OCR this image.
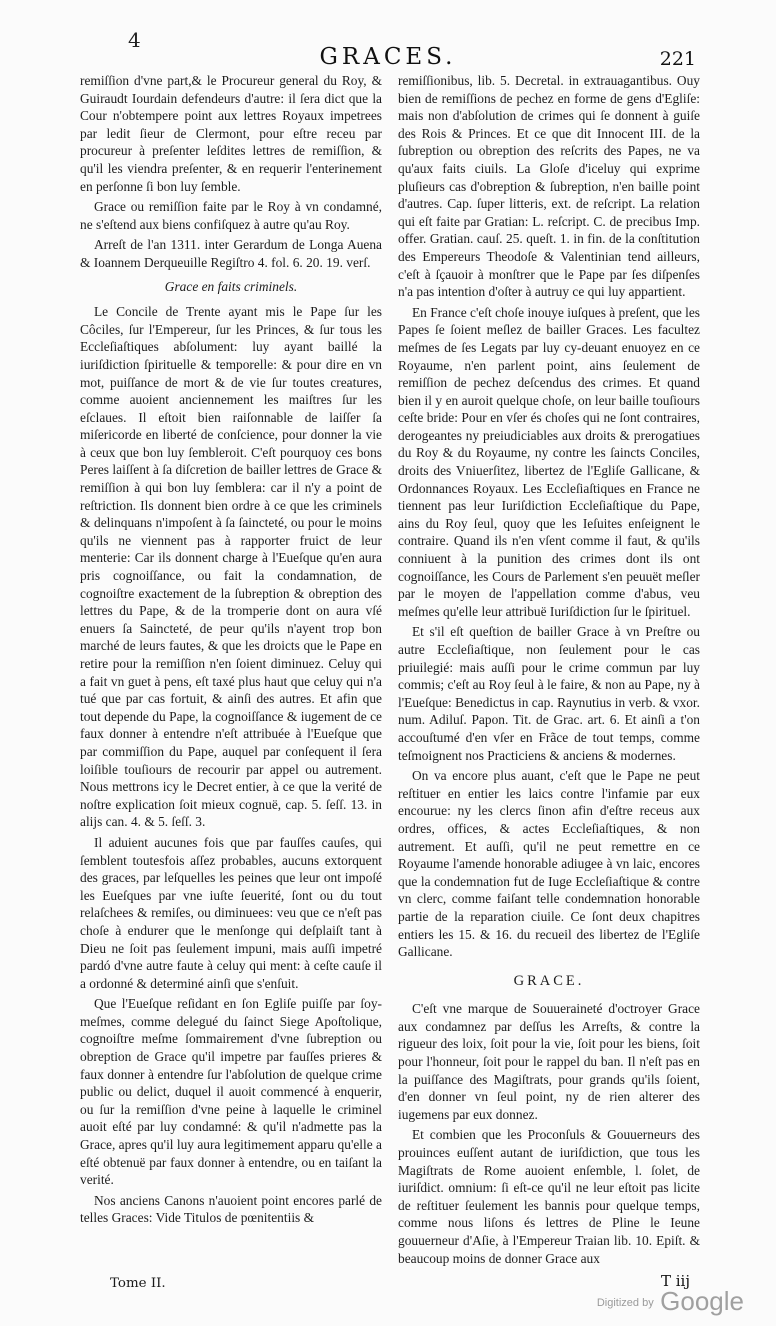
4
GRACES.	221

remiſſion d'vne part,& le Procureur general du Roy, & Guiraudt Iourdain defendeurs d'autre: il ſera dict que la Cour n'obtempere point aux lettres Royaux impetrees par ledit ſieur de Clermont, pour eſtre receu par procureur à preſenter leſdites lettres de remiſſion, & qu'il les viendra preſenter, & en requerir l'enterinement en perſonne ſi bon luy ſemble.

Grace ou remiſſion faite par le Roy à vn condamné, ne s'eſtend aux biens confiſquez à autre qu'au Roy.

Arreſt de l'an 1311. inter Gerardum de Longa Auena & Ioannem Derqueuille Regiſtro 4. fol. 6. 20. 19. verſ.

Grace en faits criminels.

Le Concile de Trente ayant mis le Pape ſur les Côciles, ſur l'Empereur, ſur les Princes, & ſur tous les Eccleſiaſtiques abſolument: luy ayant baillé la iuriſdiction ſpirituelle & temporelle: & pour dire en vn mot, puiſſance de mort & de vie ſur toutes creatures, comme auoient anciennement les maiſtres ſur les eſclaues. Il eſtoit bien raiſonnable de laiſſer ſa miſericorde en liberté de conſcience, pour donner la vie à ceux que bon luy ſembleroit. C'eſt pourquoy ces bons Peres laiſſent à ſa diſcretion de bailler lettres de Grace & remiſſion à qui bon luy ſemblera: car il n'y a point de reſtriction. Ils donnent bien ordre à ce que les criminels & delinquans n'impoſent à ſa ſaincteté, ou pour le moins qu'ils ne viennent pas à rapporter fruict de leur menterie: Car ils donnent charge à l'Eueſque qu'en aura pris cognoiſſance, ou fait la condamnation, de cognoiſtre exactement de la ſubreption & obreption des lettres du Pape, & de la tromperie dont on aura vſé enuers ſa Saincteté, de peur qu'ils n'ayent trop bon marché de leurs fautes, & que les droicts que le Pape en retire pour la remiſſion n'en ſoient diminuez. Celuy qui a fait vn guet à pens, eſt taxé plus haut que celuy qui n'a tué que par cas fortuit, & ainſi des autres. Et afin que tout depende du Pape, la cognoiſſance & iugement de ce faux donner à entendre n'eſt attribuée à l'Eueſque que par commiſſion du Pape, auquel par conſequent il ſera loiſible touſiours de recourir par appel ou autrement. Nous mettrons icy le Decret entier, à ce que la verité de noſtre explication ſoit mieux cognuë, cap. 5. ſeſſ. 13. in alijs can. 4. & 5. ſeſſ. 3.

Il aduient aucunes fois que par fauſſes cauſes, qui ſemblent toutesfois aſſez probables, aucuns extorquent des graces, par leſquelles les peines que leur ont impoſé les Eueſques par vne iuſte ſeuerité, ſont ou du tout relaſchees & remiſes, ou diminuees: veu que ce n'eſt pas choſe à endurer que le menſonge qui deſplaiſt tant à Dieu ne ſoit pas ſeulement impuni, mais auſſi impetré pardó d'vne autre faute à celuy qui ment: à ceſte cauſe il a ordonné & determiné ainſi que s'enſuit.

Que l'Eueſque reſidant en ſon Egliſe puiſſe par ſoy-meſmes, comme delegué du ſainct Siege Apoſtolique, cognoiſtre meſme ſommairement d'vne ſubreption ou obreption de Grace qu'il impetre par fauſſes prieres & faux donner à entendre ſur l'abſolution de quelque crime public ou delict, duquel il auoit commencé à enquerir, ou ſur la remiſſion d'vne peine à laquelle le criminel auoit eſté par luy condamné: & qu'il n'admette pas la Grace, apres qu'il luy aura legitimement apparu qu'elle a eſté obtenuë par faux donner à entendre, ou en taiſant la verité.

Nos anciens Canons n'auoient point encores parlé de telles Graces: Vide Titulos de pœnitentiis &

remiſſionibus, lib. 5. Decretal. in extrauagantibus. Ouy bien de remiſſions de pechez en forme de gens d'Egliſe: mais non d'abſolution de crimes qui ſe donnent à guiſe des Rois & Princes. Et ce que dit Innocent III. de la ſubreption ou obreption des reſcrits des Papes, ne va qu'aux faits ciuils. La Gloſe d'iceluy qui exprime pluſieurs cas d'obreption & ſubreption, n'en baille point d'autres. Cap. ſuper litteris, ext. de reſcript. La relation qui eſt faite par Gratian: L. reſcript. C. de precibus Imp. offer. Gratian. cauſ. 25. queſt. 1. in fin. de la conſtitution des Empereurs Theodoſe & Valentinian tend ailleurs, c'eſt à ſçauoir à monſtrer que le Pape par ſes diſpenſes n'a pas intention d'oſter à autruy ce qui luy appartient.

En France c'eſt choſe inouye iuſques à preſent, que les Papes ſe ſoient meſlez de bailler Graces. Les facultez meſmes de ſes Legats par luy cy-deuant enuoyez en ce Royaume, n'en parlent point, ains ſeulement de remiſſion de pechez deſcendus des crimes. Et quand bien il y en auroit quelque choſe, on leur baille touſiours ceſte bride: Pour en vſer és choſes qui ne ſont contraires, derogeantes ny preiudiciables aux droits & prerogatiues du Roy & du Royaume, ny contre les ſaincts Conciles, droits des Vniuerſitez, libertez de l'Egliſe Gallicane, & Ordonnances Royaux. Les Eccleſiaſtiques en France ne tiennent pas leur Iuriſdiction Eccleſiaſtique du Pape, ains du Roy ſeul, quoy que les Ieſuites enſeignent le contraire. Quand ils n'en vſent comme il faut, & qu'ils conniuent à la punition des crimes dont ils ont cognoiſſance, les Cours de Parlement s'en peuuët meſler par le moyen de l'appellation comme d'abus, veu meſmes qu'elle leur attribuë Iuriſdiction ſur le ſpirituel.

Et s'il eſt queſtion de bailler Grace à vn Preſtre ou autre Eccleſiaſtique, non ſeulement pour le cas priuilegié: mais auſſi pour le crime commun par luy commis; c'eſt au Roy ſeul à le faire, & non au Pape, ny à l'Eueſque: Benedictus in cap. Raynutius in verb. & vxor. num. Adiluſ. Papon. Tit. de Grac. art. 6. Et ainſi a t'on accouſtumé d'en vſer en Frãce de tout temps, comme teſmoignent nos Practiciens & anciens & modernes.

On va encore plus auant, c'eſt que le Pape ne peut reſtituer en entier les laics contre l'infamie par eux encourue: ny les clercs ſinon afin d'eſtre receus aux ordres, offices, & actes Eccleſiaſtiques, & non autrement. Et auſſi, qu'il ne peut remettre en ce Royaume l'amende honorable adiugee à vn laic, encores que la condemnation fut de Iuge Eccleſiaſtique & contre vn clerc, comme faiſant telle condemnation honorable partie de la reparation ciuile. Ce ſont deux chapitres entiers les 15. & 16. du recueil des libertez de l'Egliſe Gallicane.

GRACE.

C'eſt vne marque de Souueraineté d'octroyer Grace aux condamnez par deſſus les Arreſts, & contre la rigueur des loix, ſoit pour la vie, ſoit pour les biens, ſoit pour l'honneur, ſoit pour le rappel du ban. Il n'eſt pas en la puiſſance des Magiſtrats, pour grands qu'ils ſoient, d'en donner vn ſeul point, ny de rien alterer des iugemens par eux donnez.

Et combien que les Proconſuls & Gouuerneurs des prouinces euſſent autant de iuriſdiction, que tous les Magiſtrats de Rome auoient enſemble, l. ſolet, de iuriſdict. omnium: ſi eſt-ce qu'il ne leur eſtoit pas licite de reſtituer ſeulement les bannis pour quelque temps, comme nous liſons és lettres de Pline le Ieune gouuerneur d'Aſie, à l'Empereur Traian lib. 10. Epiſt. & beaucoup moins de donner Grace aux

Tome II.	T iij
$^{Digitized by}$ Google
